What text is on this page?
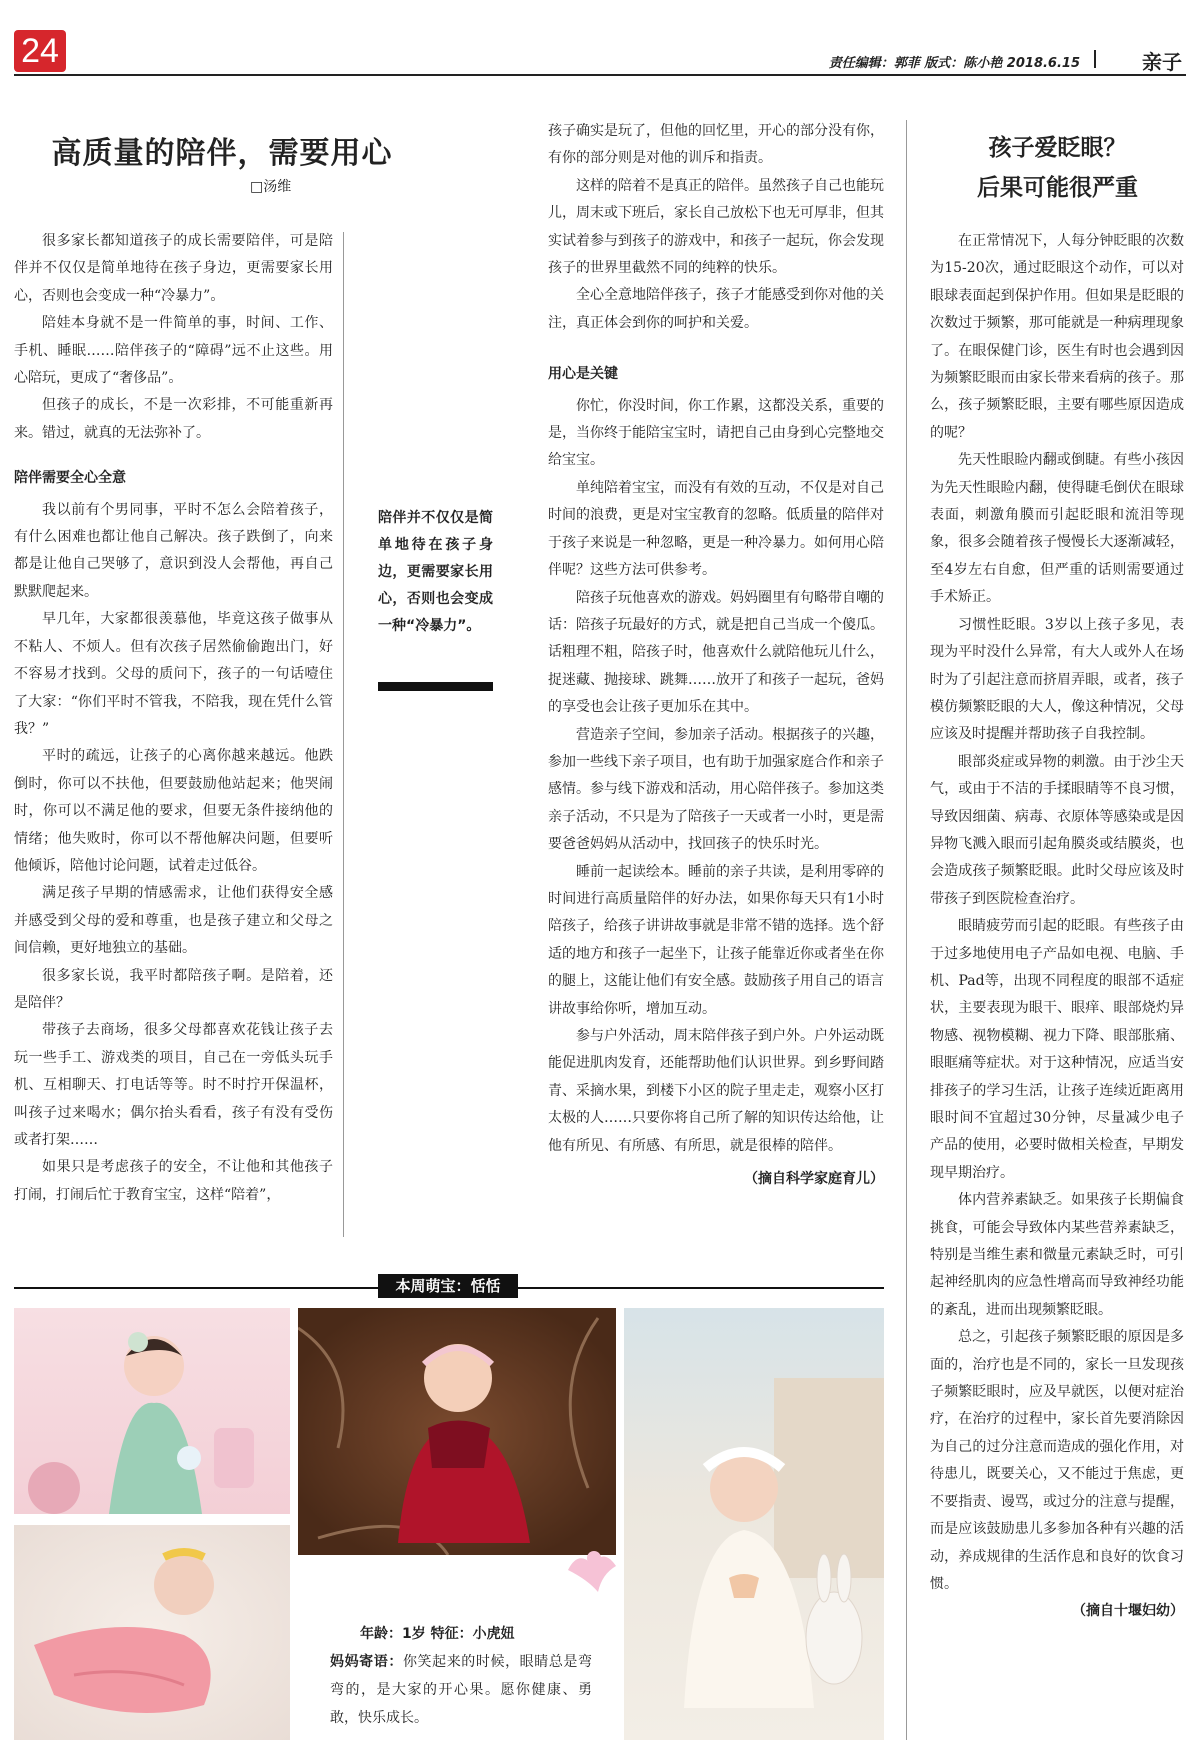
24	责任编辑：郭菲 版式：陈小艳 2018.6.15	亲子
高质量的陪伴，需要用心
□汤维

很多家长都知道孩子的成长需要陪伴，可是陪伴并不仅仅是简单地待在孩子身边，更需要家长用心，否则也会变成一种“冷暴力”。

陪娃本身就不是一件简单的事，时间、工作、手机、睡眠……陪伴孩子的“障碍”远不止这些。用心陪玩，更成了“奢侈品”。

但孩子的成长，不是一次彩排，不可能重新再来。错过，就真的无法弥补了。

陪伴需要全心全意

我以前有个男同事，平时不怎么会陪着孩子，有什么困难也都让他自己解决。孩子跌倒了，向来都是让他自己哭够了，意识到没人会帮他，再自己默默爬起来。

早几年，大家都很羡慕他，毕竟这孩子做事从不粘人、不烦人。但有次孩子居然偷偷跑出门，好不容易才找到。父母的质问下，孩子的一句话噎住了大家：“你们平时不管我，不陪我，现在凭什么管我？”

平时的疏远，让孩子的心离你越来越远。他跌倒时，你可以不扶他，但要鼓励他站起来；他哭闹时，你可以不满足他的要求，但要无条件接纳他的情绪；他失败时，你可以不帮他解决问题，但要听他倾诉，陪他讨论问题，试着走过低谷。

满足孩子早期的情感需求，让他们获得安全感并感受到父母的爱和尊重，也是孩子建立和父母之间信赖，更好地独立的基础。

很多家长说，我平时都陪孩子啊。是陪着，还是陪伴？

带孩子去商场，很多父母都喜欢花钱让孩子去玩一些手工、游戏类的项目，自己在一旁低头玩手机、互相聊天、打电话等等。时不时拧开保温杯，叫孩子过来喝水；偶尔抬头看看，孩子有没有受伤或者打架……

如果只是考虑孩子的安全，不让他和其他孩子打闹，打闹后忙于教育宝宝，这样“陪着”，

陪伴并不仅仅是简单地待在孩子身边，更需要家长用心，否则也会变成一种“冷暴力”。

孩子确实是玩了，但他的回忆里，开心的部分没有你，有你的部分则是对他的训斥和指责。

这样的陪着不是真正的陪伴。虽然孩子自己也能玩儿，周末或下班后，家长自己放松下也无可厚非，但其实试着参与到孩子的游戏中，和孩子一起玩，你会发现孩子的世界里截然不同的纯粹的快乐。

全心全意地陪伴孩子，孩子才能感受到你对他的关注，真正体会到你的呵护和关爱。

用心是关键

你忙，你没时间，你工作累，这都没关系，重要的是，当你终于能陪宝宝时，请把自己由身到心完整地交给宝宝。

单纯陪着宝宝，而没有有效的互动，不仅是对自己时间的浪费，更是对宝宝教育的忽略。低质量的陪伴对于孩子来说是一种忽略，更是一种冷暴力。如何用心陪伴呢？这些方法可供参考。

陪孩子玩他喜欢的游戏。妈妈圈里有句略带自嘲的话：陪孩子玩最好的方式，就是把自己当成一个傻瓜。话粗理不粗，陪孩子时，他喜欢什么就陪他玩儿什么，捉迷藏、抛接球、跳舞……放开了和孩子一起玩，爸妈的享受也会让孩子更加乐在其中。

营造亲子空间，参加亲子活动。根据孩子的兴趣，参加一些线下亲子项目，也有助于加强家庭合作和亲子感情。参与线下游戏和活动，用心陪伴孩子。参加这类亲子活动，不只是为了陪孩子一天或者一小时，更是需要爸爸妈妈从活动中，找回孩子的快乐时光。

睡前一起读绘本。睡前的亲子共读，是利用零碎的时间进行高质量陪伴的好办法，如果你每天只有1小时陪孩子，给孩子讲讲故事就是非常不错的选择。选个舒适的地方和孩子一起坐下，让孩子能靠近你或者坐在你的腿上，这能让他们有安全感。鼓励孩子用自己的语言讲故事给你听，增加互动。

参与户外活动，周末陪伴孩子到户外。户外运动既能促进肌肉发育，还能帮助他们认识世界。到乡野间踏青、采摘水果，到楼下小区的院子里走走，观察小区打太极的人……只要你将自己所了解的知识传达给他，让他有所见、有所感、有所思，就是很棒的陪伴。

（摘自科学家庭育儿）
孩子爱眨眼？
后果可能很严重

在正常情况下，人每分钟眨眼的次数为15-20次，通过眨眼这个动作，可以对眼球表面起到保护作用。但如果是眨眼的次数过于频繁，那可能就是一种病理现象了。在眼保健门诊，医生有时也会遇到因为频繁眨眼而由家长带来看病的孩子。那么，孩子频繁眨眼，主要有哪些原因造成的呢？

先天性眼睑内翻或倒睫。有些小孩因为先天性眼睑内翻，使得睫毛倒伏在眼球表面，刺激角膜而引起眨眼和流泪等现象，很多会随着孩子慢慢长大逐渐减轻，至4岁左右自愈，但严重的话则需要通过手术矫正。

习惯性眨眼。3岁以上孩子多见，表现为平时没什么异常，有大人或外人在场时为了引起注意而挤眉弄眼，或者，孩子模仿频繁眨眼的大人，像这种情况，父母应该及时提醒并帮助孩子自我控制。

眼部炎症或异物的刺激。由于沙尘天气，或由于不洁的手揉眼睛等不良习惯，导致因细菌、病毒、衣原体等感染或是因异物飞溅入眼而引起角膜炎或结膜炎，也会造成孩子频繁眨眼。此时父母应该及时带孩子到医院检查治疗。

眼睛疲劳而引起的眨眼。有些孩子由于过多地使用电子产品如电视、电脑、手机、Pad等，出现不同程度的眼部不适症状，主要表现为眼干、眼痒、眼部烧灼异物感、视物模糊、视力下降、眼部胀痛、眼眶痛等症状。对于这种情况，应适当安排孩子的学习生活，让孩子连续近距离用眼时间不宜超过30分钟，尽量减少电子产品的使用，必要时做相关检查，早期发现早期治疗。

体内营养素缺乏。如果孩子长期偏食挑食，可能会导致体内某些营养素缺乏，特别是当维生素和微量元素缺乏时，可引起神经肌肉的应急性增高而导致神经功能的紊乱，进而出现频繁眨眼。

总之，引起孩子频繁眨眼的原因是多面的，治疗也是不同的，家长一旦发现孩子频繁眨眼时，应及早就医，以便对症治疗，在治疗的过程中，家长首先要消除因为自己的过分注意而造成的强化作用，对待患儿，既要关心，又不能过于焦虑，更不要指责、谩骂，或过分的注意与提醒，而是应该鼓励患儿多参加各种有兴趣的活动，养成规律的生活作息和良好的饮食习惯。

（摘自十堰妇幼）
本周萌宝：恬恬
年龄：1岁 特征：小虎妞
妈妈寄语：你笑起来的时候，眼睛总是弯弯的，是大家的开心果。愿你健康、勇敢，快乐成长。
